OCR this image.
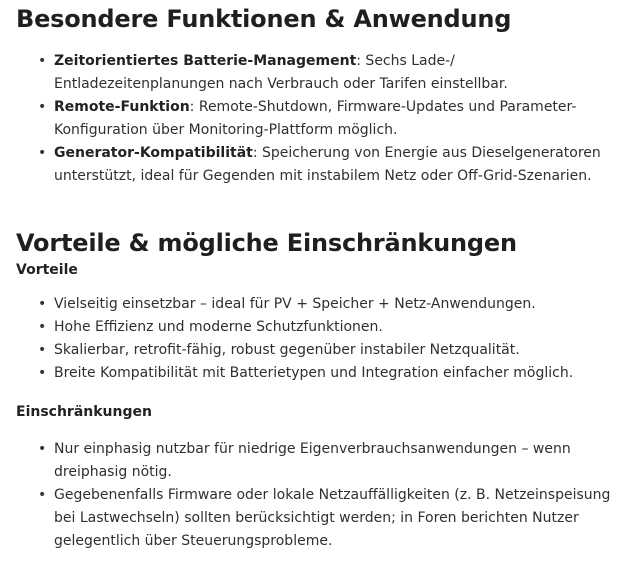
Besondere Funktionen & Anwendung
• Zeitorientiertes Batterie-Management: Sechs Lade-/ Entladezeitenplanungen nach Verbrauch oder Tarifen einstellbar.
• Remote-Funktion: Remote-Shutdown, Firmware-Updates und Parameter-Konfiguration über Monitoring-Plattform möglich.
• Generator-Kompatibilität: Speicherung von Energie aus Dieselgeneratoren unterstützt, ideal für Gegenden mit instabilem Netz oder Off-Grid-Szenarien.
Vorteile & mögliche Einschränkungen
Vorteile
• Vielseitig einsetzbar – ideal für PV + Speicher + Netz-Anwendungen.
• Hohe Effizienz und moderne Schutzfunktionen.
• Skalierbar, retrofit-fähig, robust gegenüber instabiler Netzqualität.
• Breite Kompatibilität mit Batterietypen und Integration einfacher möglich.
Einschränkungen
• Nur einphasig nutzbar für niedrige Eigenverbrauchsanwendungen – wenn dreiphasig nötig.
• Gegebenenfalls Firmware oder lokale Netzauffälligkeiten (z. B. Netzeinspeisung bei Lastwechseln) sollten berücksichtigt werden; in Foren berichten Nutzer gelegentlich über Steuerungsprobleme.
